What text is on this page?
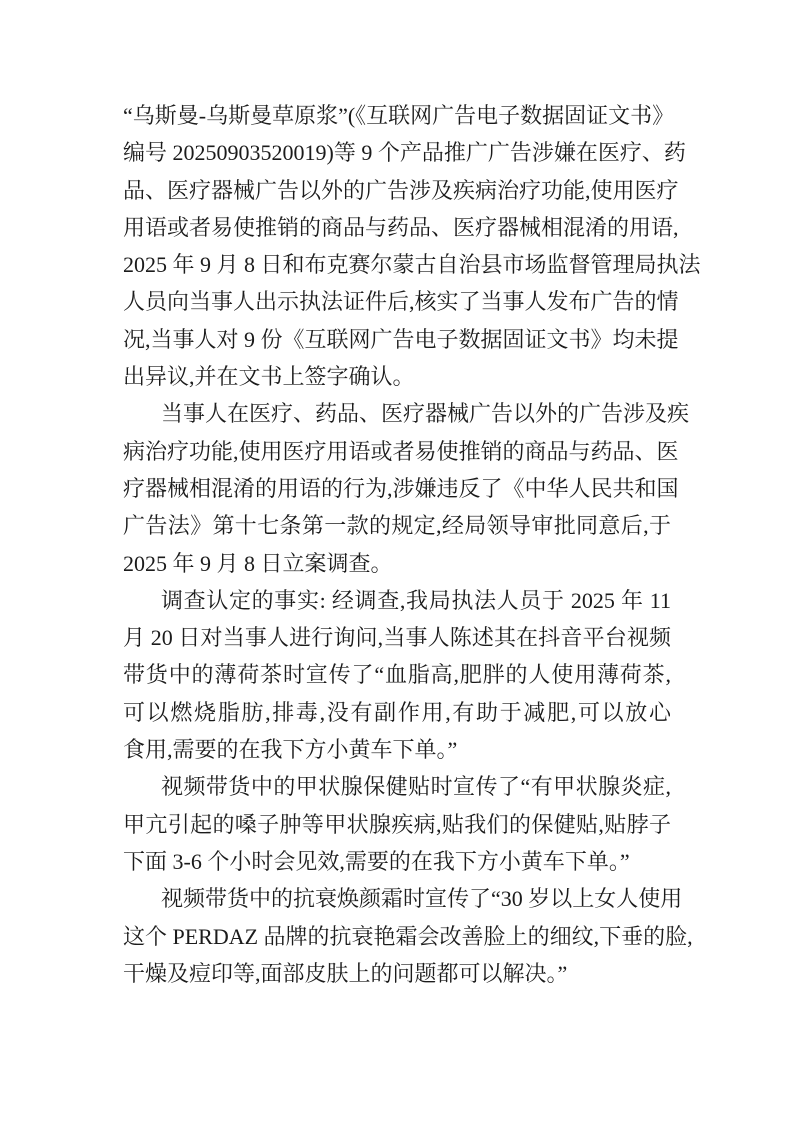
“乌斯曼-乌斯曼草原浆”(《互联网广告电子数据固证文书》
编号 20250903520019)等 9 个产品推广广告涉嫌在医疗、药
品、医疗器械广告以外的广告涉及疾病治疗功能,使用医疗
用语或者易使推销的商品与药品、医疗器械相混淆的用语,
2025 年 9 月 8 日和布克赛尔蒙古自治县市场监督管理局执法
人员向当事人出示执法证件后,核实了当事人发布广告的情
况,当事人对 9 份《互联网广告电子数据固证文书》均未提
出异议,并在文书上签字确认。
当事人在医疗、药品、医疗器械广告以外的广告涉及疾
病治疗功能,使用医疗用语或者易使推销的商品与药品、医
疗器械相混淆的用语的行为,涉嫌违反了《中华人民共和国
广告法》第十七条第一款的规定,经局领导审批同意后,于
2025 年 9 月 8 日立案调查。
调查认定的事实: 经调查,我局执法人员于 2025 年 11
月 20 日对当事人进行询问,当事人陈述其在抖音平台视频
带货中的薄荷茶时宣传了“血脂高,肥胖的人使用薄荷茶,
可以燃烧脂肪,排毒,没有副作用,有助于减肥,可以放心
食用,需要的在我下方小黄车下单。”
视频带货中的甲状腺保健贴时宣传了“有甲状腺炎症,
甲亢引起的嗓子肿等甲状腺疾病,贴我们的保健贴,贴脖子
下面 3-6 个小时会见效,需要的在我下方小黄车下单。”
视频带货中的抗衰焕颜霜时宣传了“30 岁以上女人使用
这个 PERDAZ 品牌的抗衰艳霜会改善脸上的细纹,下垂的脸,
干燥及痘印等,面部皮肤上的问题都可以解决。”
